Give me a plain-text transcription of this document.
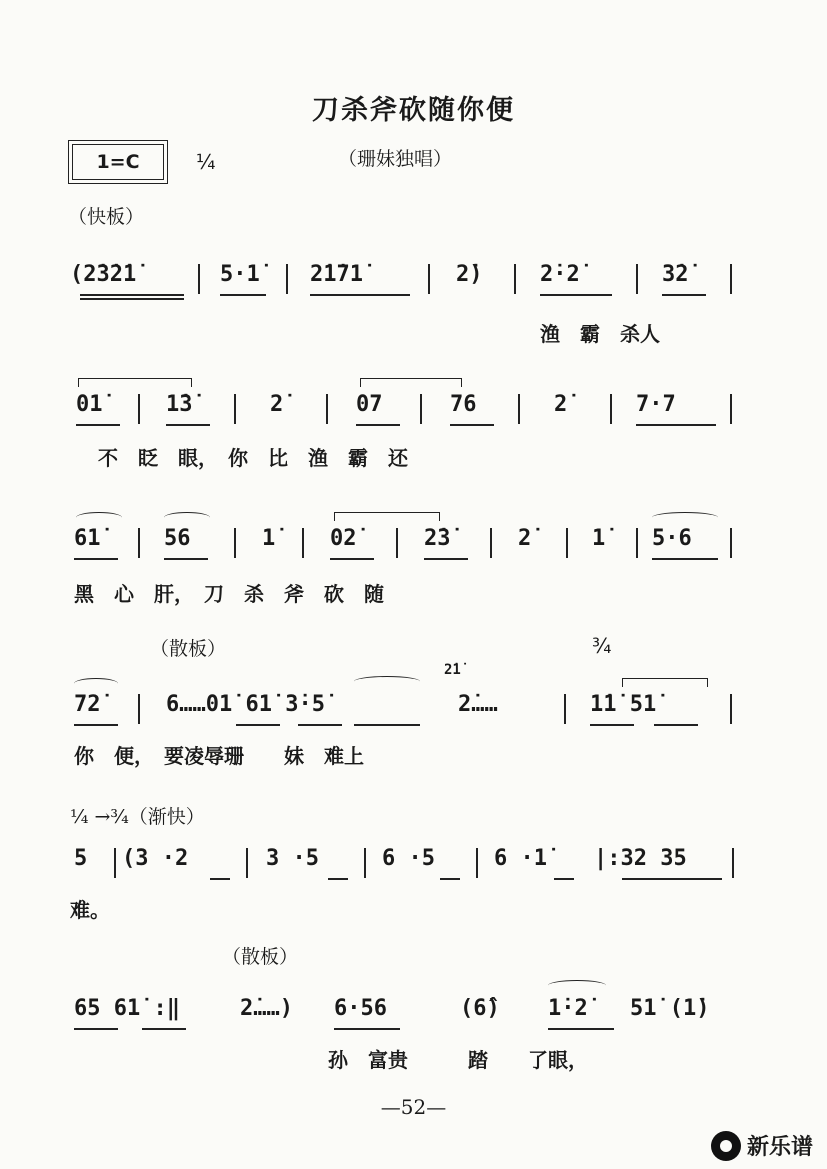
刀杀斧砍随你便
1=C	¼	（珊妹独唱）
（快板）
(2̇3̇2̇1̇	5·1̇ 2̇1̇71̇	2̇)	2̇·2̇	3̇2̇
渔　霸　杀人
01̇	1̇3̇	2̇	07	76	2̇	7·7
不　眨　眼，　你　比　渔　霸　还
61̇	56	1̇ 02̇	2̇3̇	2̇	1̇ 5·6
黑　心　肝，　刀　杀　斧　砍　随
（散板）	¾
72̇	6……01̇ 61̇ 3̇·5̇
2̇1̇
2̇……	1̇1̇ 51̇
你　便，　要凌辱珊　　妹　难上
¼ →¾（渐快）
5 (3 ·2	3 ·5	6 ·5	6 ·1̇ |:32 35
难。
（散板）
65 61̇ :‖	2̇……) 6·56	(6̂) 1̇·2̇ 51̇ (1̇)
孙　富贵　　　踏　　了眼，
—52—
新乐谱
